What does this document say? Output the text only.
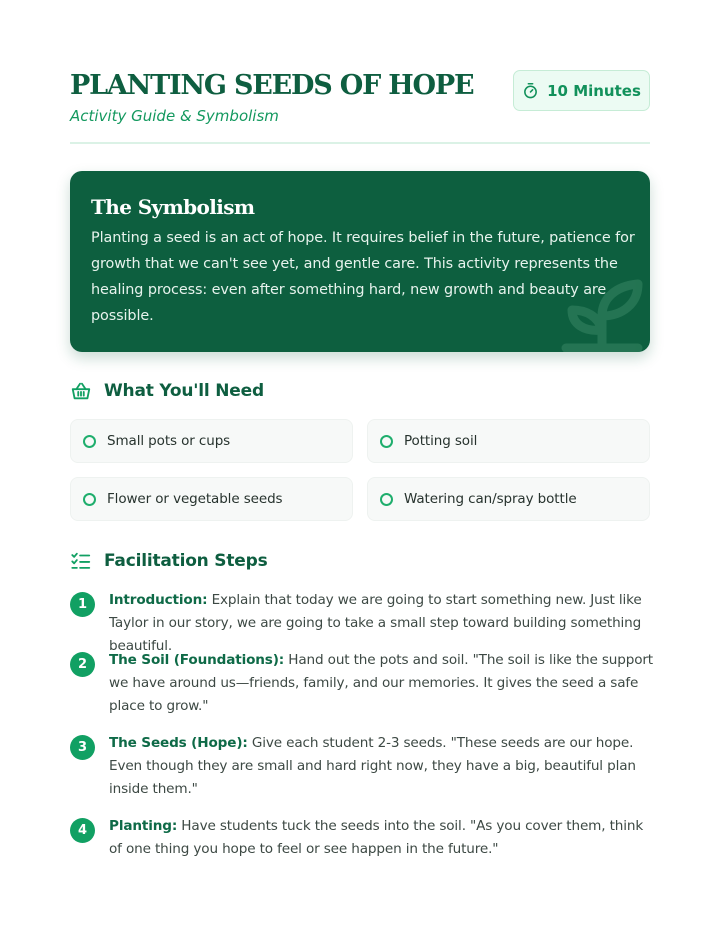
PLANTING SEEDS OF HOPE
Activity Guide & Symbolism
10 Minutes
The Symbolism
Planting a seed is an act of hope. It requires belief in the future, patience for growth that we can't see yet, and gentle care. This activity represents the healing process: even after something hard, new growth and beauty are possible.
What You'll Need
Small pots or cups	Potting soil
Flower or vegetable seeds	Watering can/spray bottle
Facilitation Steps
1	Introduction: Explain that today we are going to start something new. Just like Taylor in our story, we are going to take a small step toward building something beautiful.
2	The Soil (Foundations): Hand out the pots and soil. "The soil is like the support we have around us—friends, family, and our memories. It gives the seed a safe place to grow."
3	The Seeds (Hope): Give each student 2-3 seeds. "These seeds are our hope. Even though they are small and hard right now, they have a big, beautiful plan inside them."
4	Planting: Have students tuck the seeds into the soil. "As you cover them, think of one thing you hope to feel or see happen in the future."
